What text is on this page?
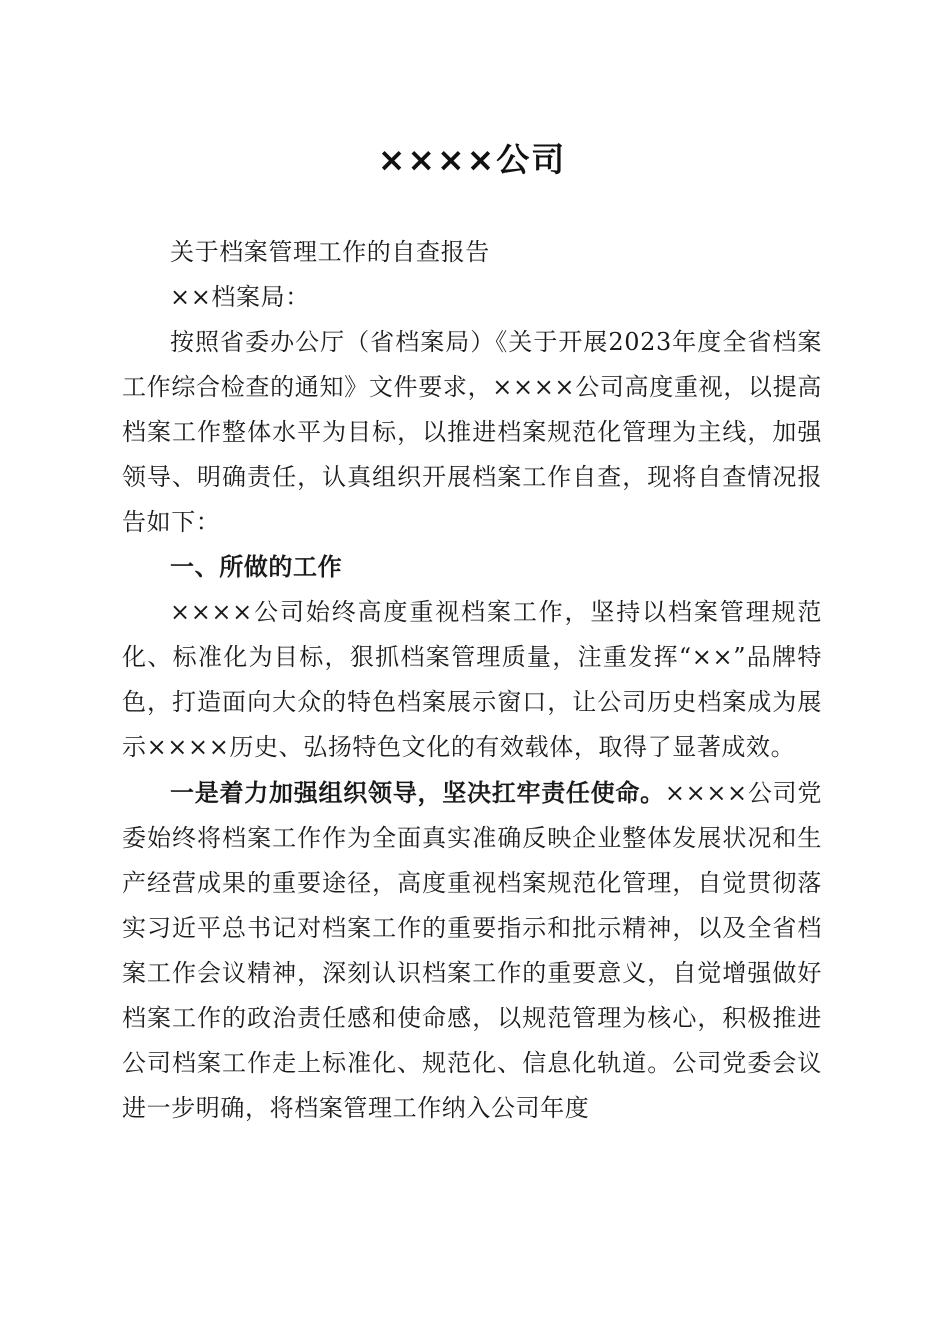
××××公司

关于档案管理工作的自查报告

××档案局：

按照省委办公厅（省档案局）《关于开展2023年度全省档案工作综合检查的通知》文件要求，××××公司高度重视，以提高档案工作整体水平为目标，以推进档案规范化管理为主线，加强领导、明确责任，认真组织开展档案工作自查，现将自查情况报告如下：

一、所做的工作

××××公司始终高度重视档案工作，坚持以档案管理规范化、标准化为目标，狠抓档案管理质量，注重发挥“××”品牌特色，打造面向大众的特色档案展示窗口，让公司历史档案成为展示××××历史、弘扬特色文化的有效载体，取得了显著成效。

一是着力加强组织领导，坚决扛牢责任使命。××××公司党委始终将档案工作作为全面真实准确反映企业整体发展状况和生产经营成果的重要途径，高度重视档案规范化管理，自觉贯彻落实习近平总书记对档案工作的重要指示和批示精神，以及全省档案工作会议精神，深刻认识档案工作的重要意义，自觉增强做好档案工作的政治责任感和使命感，以规范管理为核心，积极推进公司档案工作走上标准化、规范化、信息化轨道。公司党委会议进一步明确，将档案管理工作纳入公司年度
